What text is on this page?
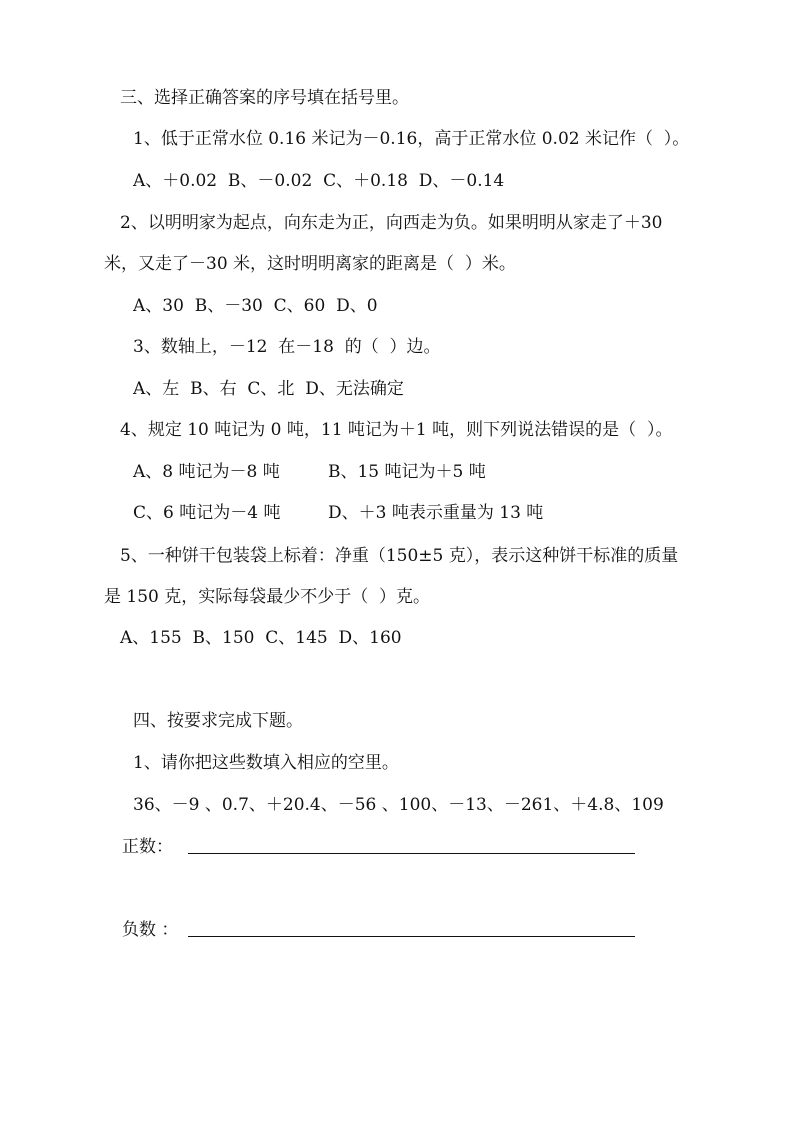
三、选择正确答案的序号填在括号里。
1、低于正常水位 0.16 米记为－0.16，高于正常水位 0.02 米记作（  ）。
A、＋0.02  B、－0.02  C、＋0.18  D、－0.14
2、以明明家为起点，向东走为正，向西走为负。如果明明从家走了＋30
米，又走了－30 米，这时明明离家的距离是（  ）米。
A、30  B、－30  C、60  D、0
3、数轴上，－12  在－18  的（  ）边。
A、左  B、右  C、北  D、无法确定
4、规定 10 吨记为 0 吨，11 吨记为＋1 吨，则下列说法错误的是（  ）。
A、8 吨记为－8 吨	B、15 吨记为＋5 吨
C、6 吨记为－4 吨	D、＋3 吨表示重量为 13 吨
5、一种饼干包装袋上标着：净重（150±5 克），表示这种饼干标准的质量
是 150 克，实际每袋最少不少于（  ）克。
A、155  B、150  C、145  D、160
四、按要求完成下题。
1、请你把这些数填入相应的空里。
36、－9 、0.7、＋20.4、－56 、100、－13、－261、＋4.8、109
正数：
负数 ：
